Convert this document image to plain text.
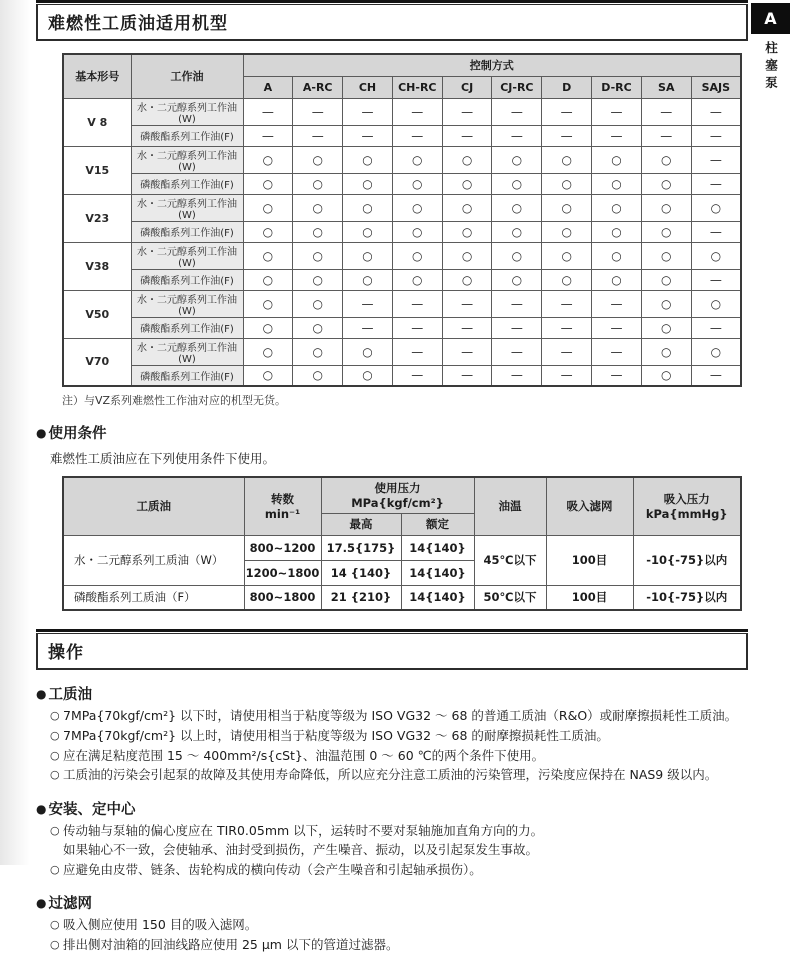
难燃性工质油适用机型
基本形号	工作油	控制方式									
		A	A-RC	CH	CH-RC	CJ	CJ-RC	D	D-RC	SA	SAJS
V 8	水・二元醇系列工作油(W)	—	—	—	—	—	—	—	—	—	—
	磷酸酯系列工作油(F)	—	—	—	—	—	—	—	—	—	—
V15	水・二元醇系列工作油(W)	○	○	○	○	○	○	○	○	○	—
	磷酸酯系列工作油(F)	○	○	○	○	○	○	○	○	○	—
V23	水・二元醇系列工作油(W)	○	○	○	○	○	○	○	○	○	○
	磷酸酯系列工作油(F)	○	○	○	○	○	○	○	○	○	—
V38	水・二元醇系列工作油(W)	○	○	○	○	○	○	○	○	○	○
	磷酸酯系列工作油(F)	○	○	○	○	○	○	○	○	○	—
V50	水・二元醇系列工作油(W)	○	○	—	—	—	—	—	—	○	○
	磷酸酯系列工作油(F)	○	○	—	—	—	—	—	—	○	—
V70	水・二元醇系列工作油(W)	○	○	○	—	—	—	—	—	○	○
	磷酸酯系列工作油(F)	○	○	○	—	—	—	—	—	○	—
注）与VZ系列难燃性工作油对应的机型无货。
● 使用条件
难燃性工质油应在下列使用条件下使用。
工质油	转数
min⁻¹

使用压力
MPa{kgf/cm²}	油温	吸入滤网	吸入压力
kPa{mmHg}

		最高	额定			
水・二元醇系列工质油（W）	800~1200	17.5{175}	14{140}	45℃以下	100目	-10{-75}以内
	1200~1800	14 {140}	14{140}			
磷酸酯系列工质油（F）	800~1800	21 {210}	14{140}	50℃以下	100目	-10{-75}以内
操作
● 工质油
○ 7MPa{70kgf/cm²} 以下时，请使用相当于粘度等级为 ISO VG32 ～ 68 的普通工质油（R&O）或耐摩擦损耗性工质油。
○ 7MPa{70kgf/cm²} 以上时，请使用相当于粘度等级为 ISO VG32 ～ 68 的耐摩擦损耗性工质油。
○ 应在满足粘度范围 15 ～ 400mm²/s{cSt}、油温范围 0 ～ 60 ℃的两个条件下使用。
○ 工质油的污染会引起泵的故障及其使用寿命降低，所以应充分注意工质油的污染管理，污染度应保持在 NAS9 级以内。
● 安装、定中心
○ 传动轴与泵轴的偏心度应在 TIR0.05mm 以下，运转时不要对泵轴施加直角方向的力。
如果轴心不一致，会使轴承、油封受到损伤，产生噪音、振动，以及引起泵发生事故。
○ 应避免由皮带、链条、齿轮构成的横向传动（会产生噪音和引起轴承损伤）。
● 过滤网
○ 吸入侧应使用 150 目的吸入滤网。
○ 排出侧对油箱的回油线路应使用 25 μm 以下的管道过滤器。
A
柱塞泵
